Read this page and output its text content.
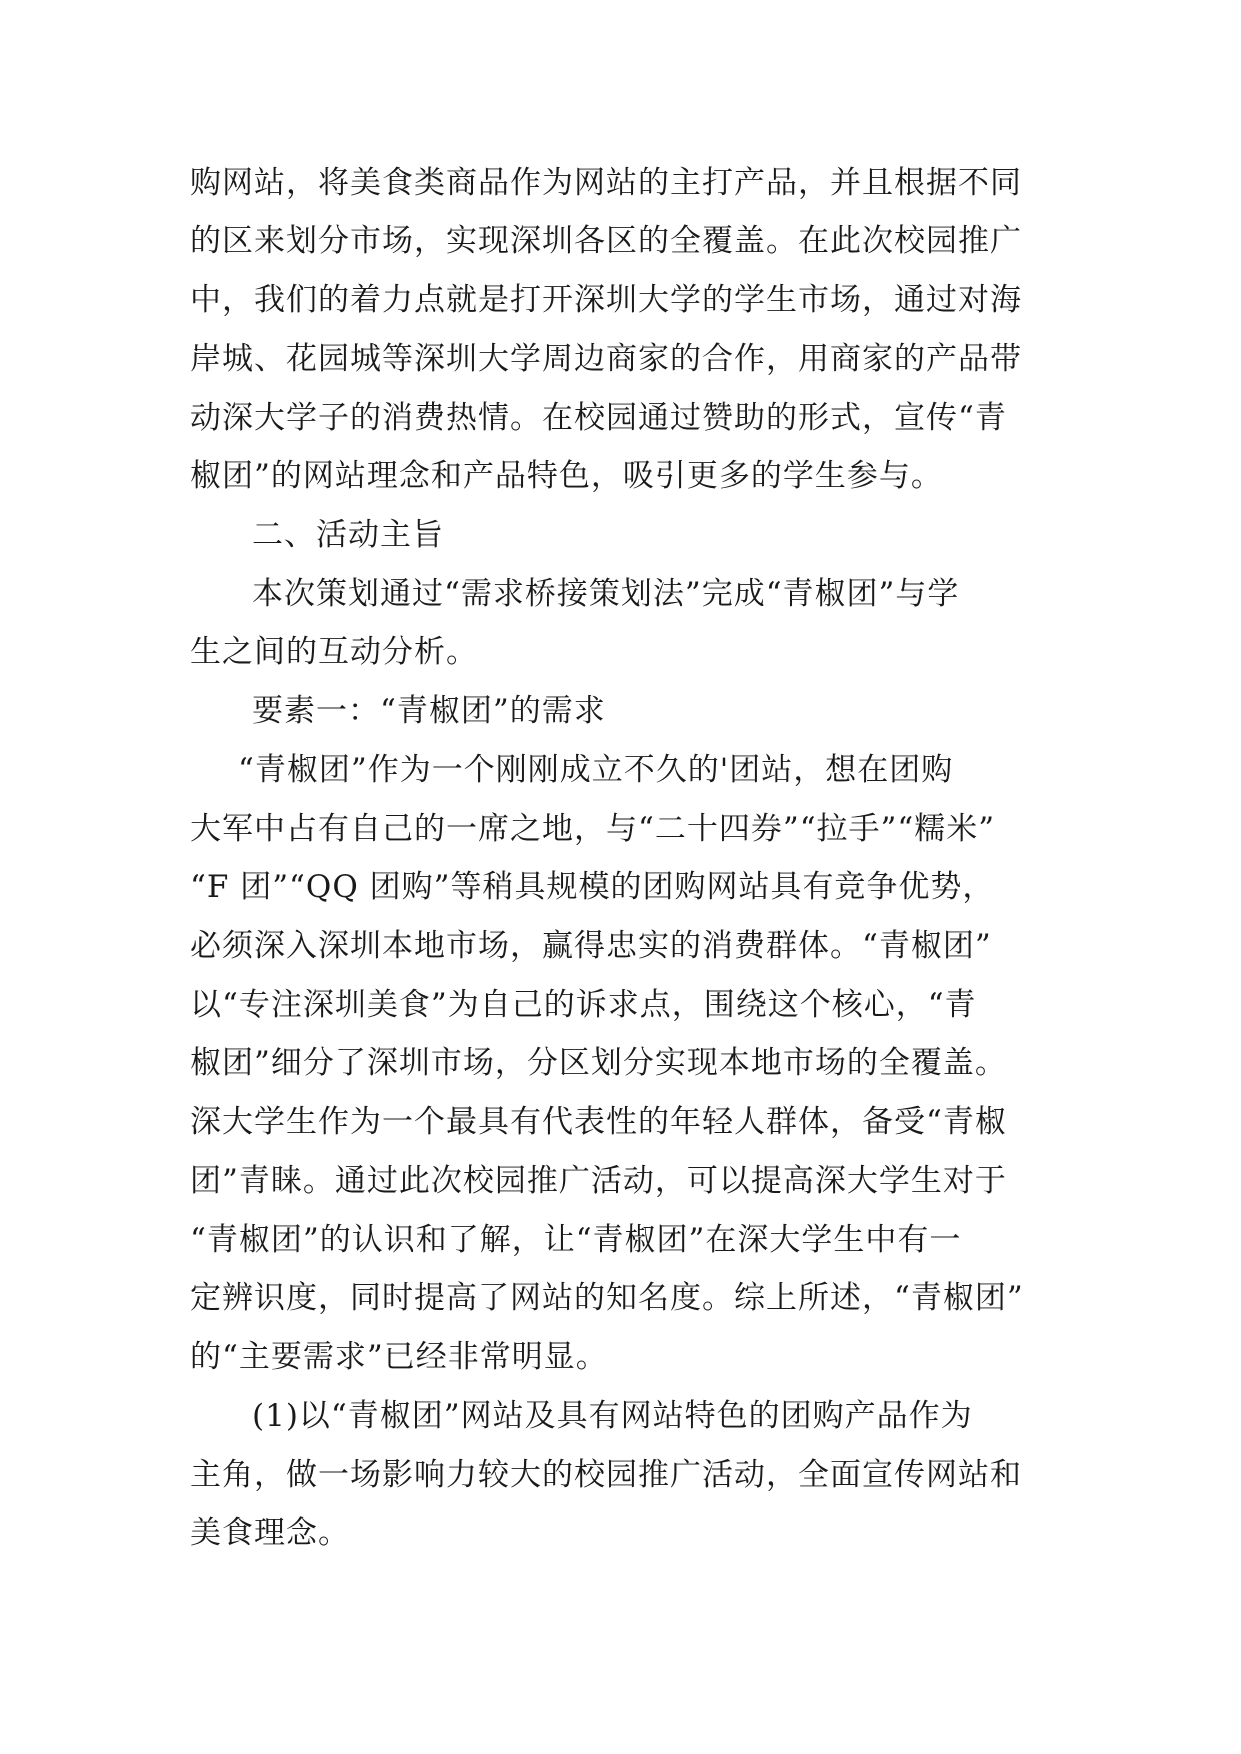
购网站，将美食类商品作为网站的主打产品，并且根据不同
的区来划分市场，实现深圳各区的全覆盖。在此次校园推广
中，我们的着力点就是打开深圳大学的学生市场，通过对海
岸城、花园城等深圳大学周边商家的合作，用商家的产品带
动深大学子的消费热情。在校园通过赞助的形式，宣传“青
椒团”的网站理念和产品特色，吸引更多的学生参与。
二、活动主旨
本次策划通过“需求桥接策划法”完成“青椒团”与学
生之间的互动分析。
要素一：“青椒团”的需求
“青椒团”作为一个刚刚成立不久的'团站，想在团购
大军中占有自己的一席之地，与“二十四券”“拉手”“糯米”
“F 团”“QQ 团购”等稍具规模的团购网站具有竞争优势，
必须深入深圳本地市场，赢得忠实的消费群体。“青椒团”
以“专注深圳美食”为自己的诉求点，围绕这个核心，“青
椒团”细分了深圳市场，分区划分实现本地市场的全覆盖。
深大学生作为一个最具有代表性的年轻人群体，备受“青椒
团”青睐。通过此次校园推广活动，可以提高深大学生对于
“青椒团”的认识和了解，让“青椒团”在深大学生中有一
定辨识度，同时提高了网站的知名度。综上所述，“青椒团”
的“主要需求”已经非常明显。
(1)以“青椒团”网站及具有网站特色的团购产品作为
主角，做一场影响力较大的校园推广活动，全面宣传网站和
美食理念。
